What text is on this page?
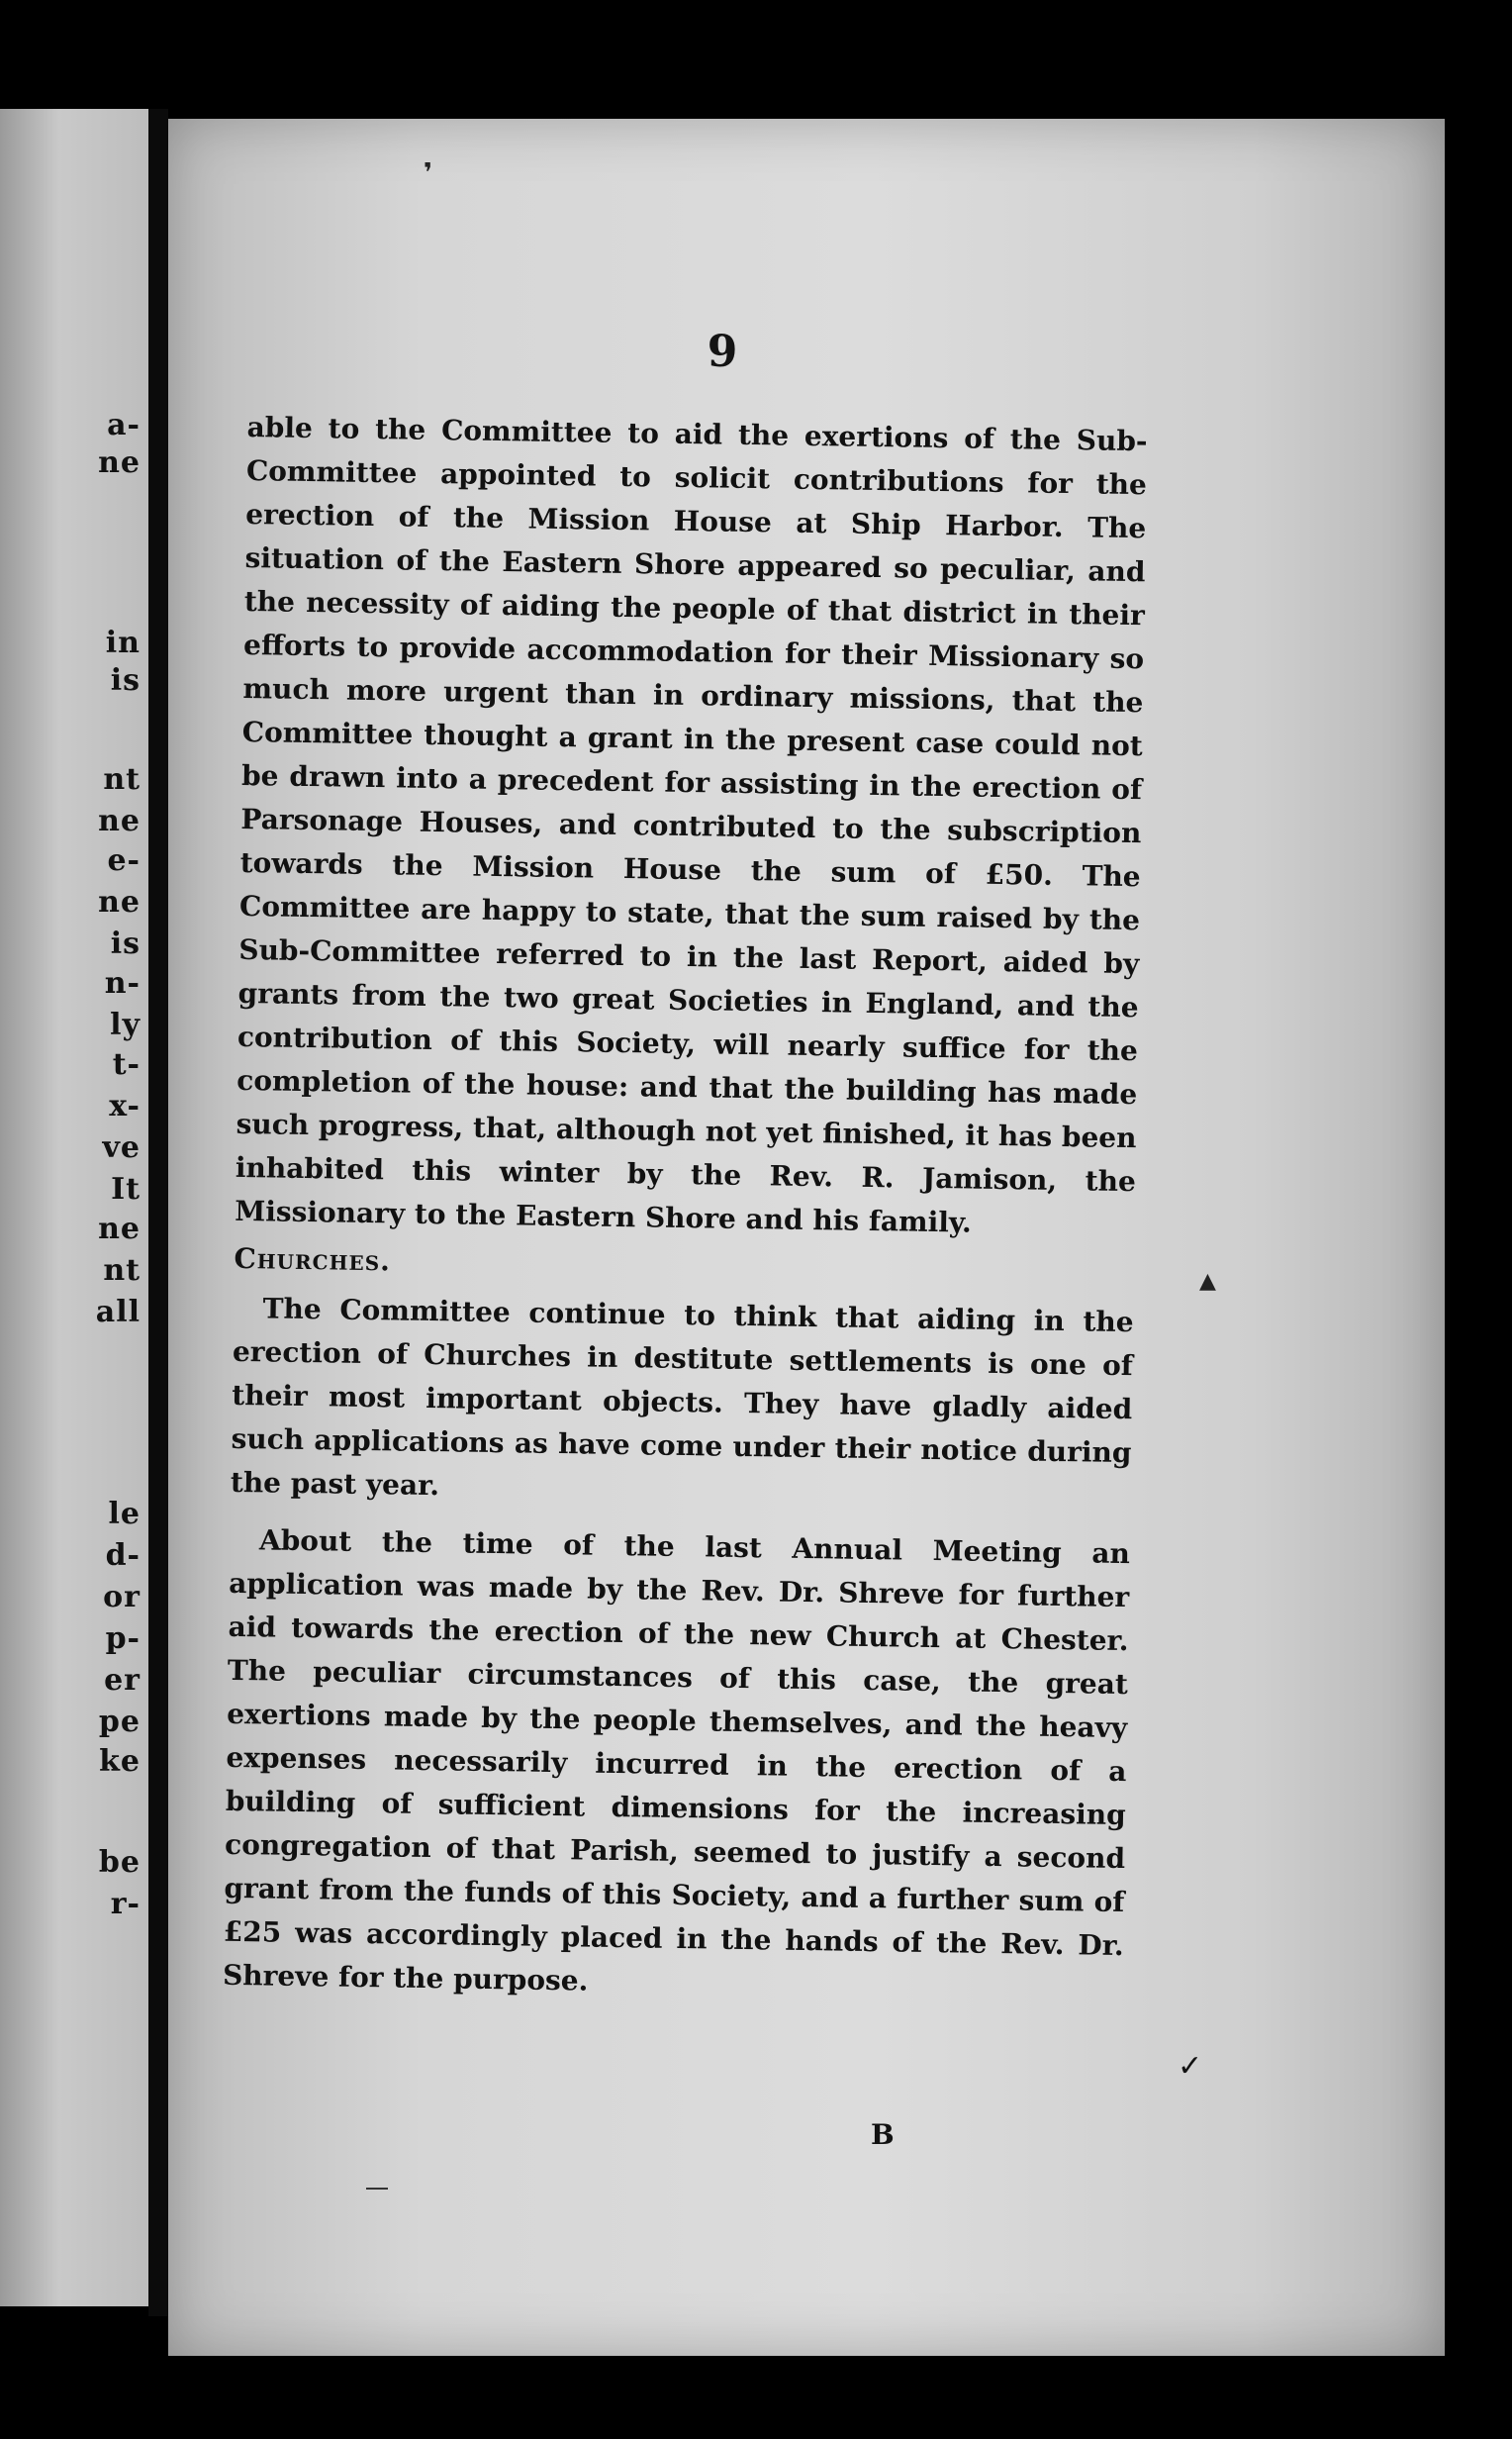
a-
ne
in
is
nt
ne
e-
ne
is
n-
ly
t-
x-
ve
It
ne
nt
all
le
d-
or
p-
er
pe
ke
be
r-
9
❜
▲

able to the Committee to aid the exertions of the Sub-Committee appointed to solicit contributions for the erection of the Mission House at Ship Harbor. The situation of the Eastern Shore appeared so peculiar, and the necessity of aiding the people of that district in their efforts to provide accommodation for their Missionary so much more urgent than in ordinary missions, that the Committee thought a grant in the present case could not be drawn into a precedent for assisting in the erection of Parsonage Houses, and contributed to the subscription towards the Mission House the sum of £50. The Committee are happy to state, that the sum raised by the Sub-Committee referred to in the last Report, aided by grants from the two great Societies in England, and the contribution of this Society, will nearly suffice for the completion of the house: and that the building has made such progress, that, although not yet finished, it has been inhabited this winter by the Rev. R. Jamison, the Missionary to the Eastern Shore and his family.

Churches.

The Committee continue to think that aiding in the erection of Churches in destitute settlements is one of their most important objects. They have gladly aided such applications as have come under their notice during the past year.

About the time of the last Annual Meeting an application was made by the Rev. Dr. Shreve for further aid towards the erection of the new Church at Chester. The peculiar circumstances of this case, the great exertions made by the people themselves, and the heavy expenses necessarily incurred in the erection of a building of sufficient dimensions for the increasing congregation of that Parish, seemed to justify a second grant from the funds of this Society, and a further sum of £25 was accordingly placed in the hands of the Rev. Dr. Shreve for the purpose.

✓
B
